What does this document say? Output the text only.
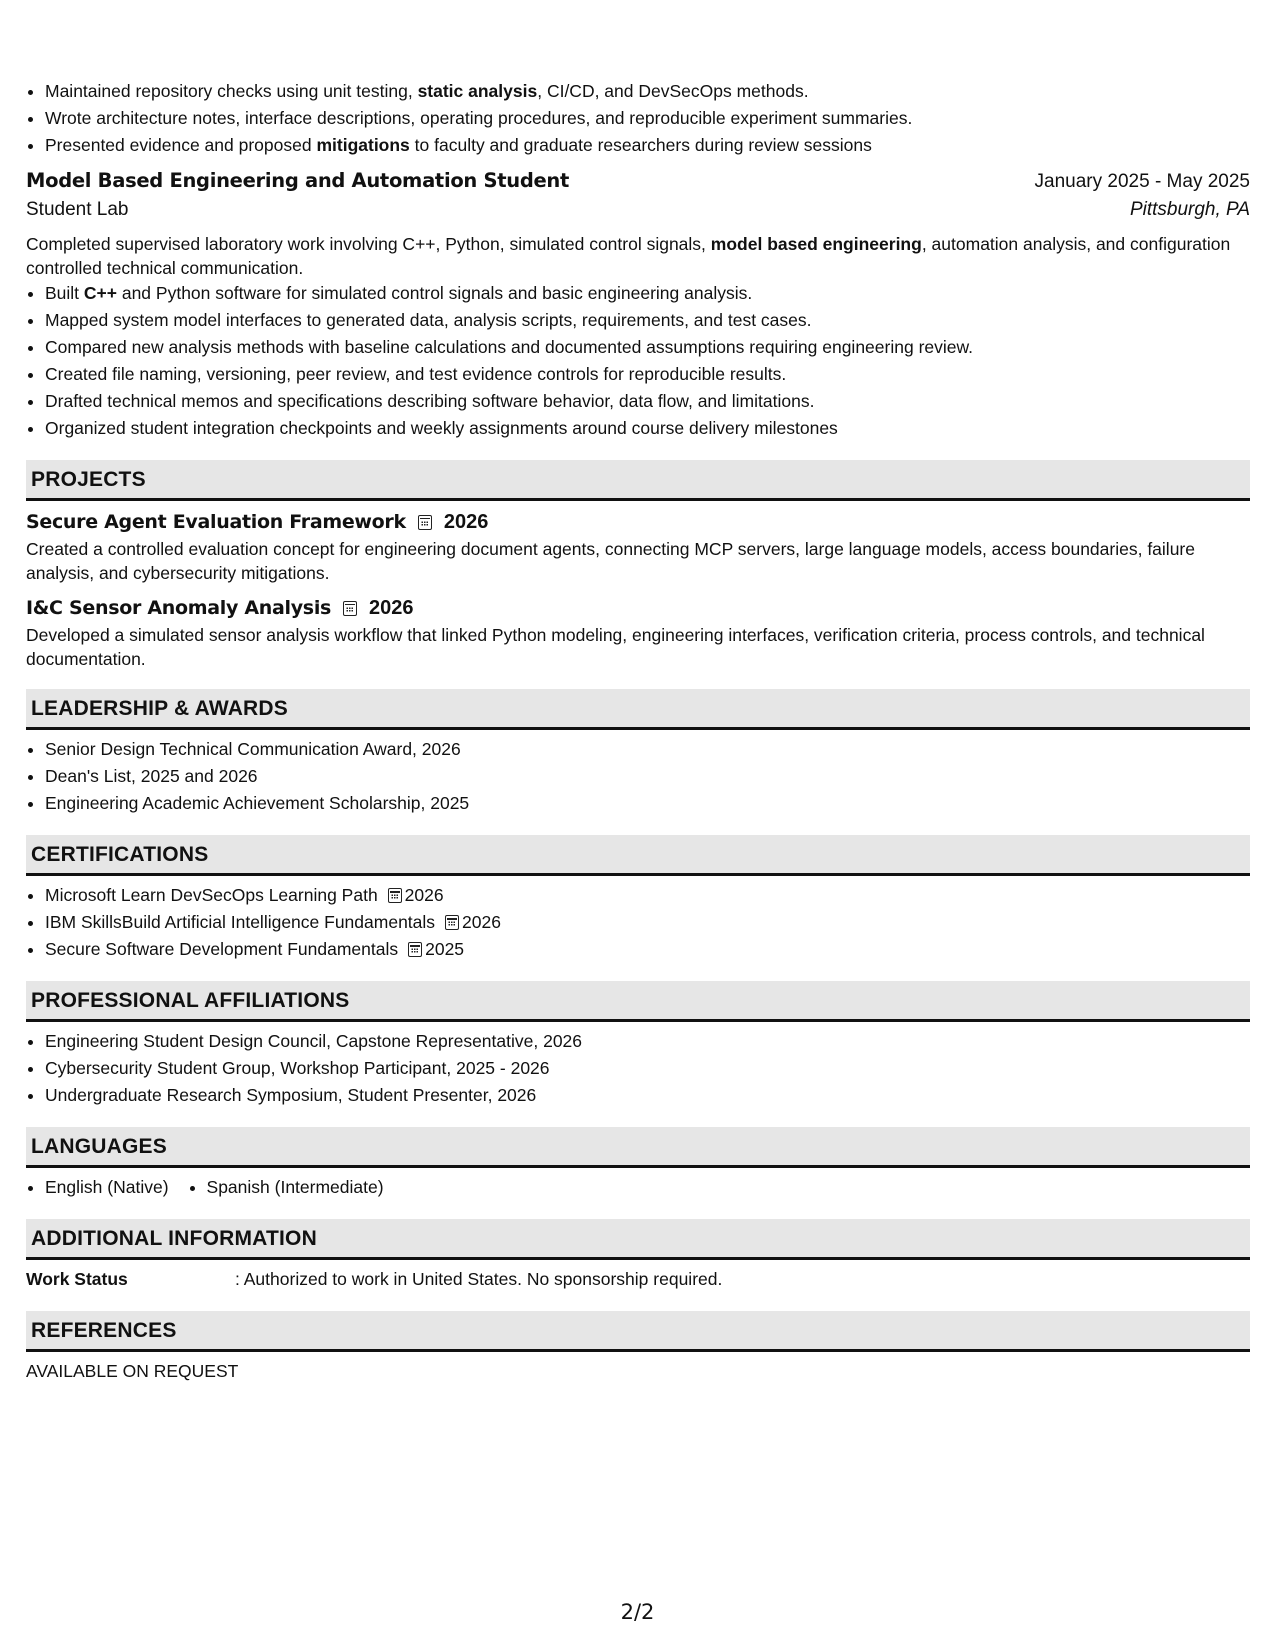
• Maintained repository checks using unit testing, static analysis, CI/CD, and DevSecOps methods.
• Wrote architecture notes, interface descriptions, operating procedures, and reproducible experiment summaries.
• Presented evidence and proposed mitigations to faculty and graduate researchers during review sessions
Model Based Engineering and Automation Student	January 2025 - May 2025
Student Lab	Pittsburgh, PA
Completed supervised laboratory work involving C++, Python, simulated control signals, model based engineering, automation analysis, and configuration controlled technical communication.
• Built C++ and Python software for simulated control signals and basic engineering analysis.
• Mapped system model interfaces to generated data, analysis scripts, requirements, and test cases.
• Compared new analysis methods with baseline calculations and documented assumptions requiring engineering review.
• Created file naming, versioning, peer review, and test evidence controls for reproducible results.
• Drafted technical memos and specifications describing software behavior, data flow, and limitations.
• Organized student integration checkpoints and weekly assignments around course delivery milestones
PROJECTS
Secure Agent Evaluation Framework 2026
Created a controlled evaluation concept for engineering document agents, connecting MCP servers, large language models, access boundaries, failure analysis, and cybersecurity mitigations.
I&C Sensor Anomaly Analysis 2026
Developed a simulated sensor analysis workflow that linked Python modeling, engineering interfaces, verification criteria, process controls, and technical documentation.
LEADERSHIP & AWARDS
• Senior Design Technical Communication Award, 2026
• Dean's List, 2025 and 2026
• Engineering Academic Achievement Scholarship, 2025
CERTIFICATIONS
• Microsoft Learn DevSecOps Learning Path 2026
• IBM SkillsBuild Artificial Intelligence Fundamentals 2026
• Secure Software Development Fundamentals 2025
PROFESSIONAL AFFILIATIONS
• Engineering Student Design Council, Capstone Representative, 2026
• Cybersecurity Student Group, Workshop Participant, 2025 - 2026
• Undergraduate Research Symposium, Student Presenter, 2026
LANGUAGES
• English (Native)
• Spanish (Intermediate)
ADDITIONAL INFORMATION
Work Status	: Authorized to work in United States. No sponsorship required.
REFERENCES
AVAILABLE ON REQUEST
2/2
